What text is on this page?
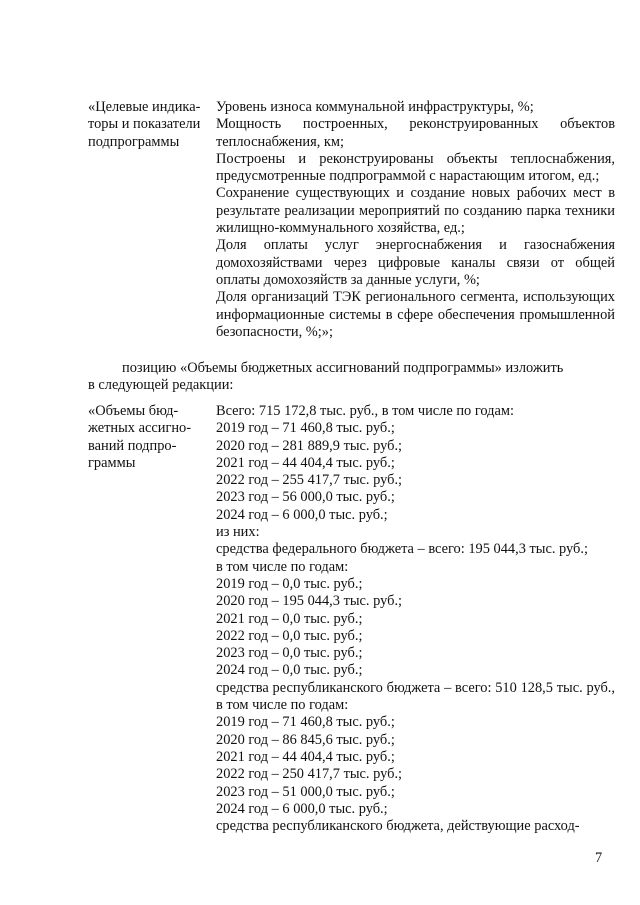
«Целевые индика-
торы и показатели
подпрограммы

Уровень износа коммунальной инфраструктуры, %;

Мощность построенных, реконструированных объектов теплоснабжения, км;

Построены и реконструированы объекты теплоснабжения, предусмотренные подпрограммой с нарастающим итогом, ед.;

Сохранение существующих и создание новых рабочих мест в результате реализации мероприятий по созданию парка техники жилищно-коммунального хозяйства, ед.;

Доля оплаты услуг энергоснабжения и газоснабжения домохозяйствами через цифровые каналы связи от общей оплаты домохозяйств за данные услуги, %;

Доля организаций ТЭК регионального сегмента, использующих информационные системы в сфере обеспечения промышленной безопасности, %;»;

позицию «Объемы бюджетных ассигнований подпрограммы» изложить
в следующей редакции:

«Объемы бюд-
жетных ассигно-
ваний подпро-
граммы

Всего: 715 172,8 тыс. руб., в том числе по годам:

2019 год – 71 460,8 тыс. руб.;

2020 год – 281 889,9 тыс. руб.;

2021 год – 44 404,4 тыс. руб.;

2022 год – 255 417,7 тыс. руб.;

2023 год – 56 000,0 тыс. руб.;

2024 год – 6 000,0 тыс. руб.;

из них:

средства федерального бюджета – всего: 195 044,3 тыс. руб.;

в том числе по годам:

2019 год – 0,0 тыс. руб.;

2020 год – 195 044,3 тыс. руб.;

2021 год – 0,0 тыс. руб.;

2022 год – 0,0 тыс. руб.;

2023 год – 0,0 тыс. руб.;

2024 год – 0,0 тыс. руб.;

средства республиканского бюджета – всего: 510 128,5 тыс. руб., в том числе по годам:

2019 год – 71 460,8 тыс. руб.;

2020 год – 86 845,6 тыс. руб.;

2021 год – 44 404,4 тыс. руб.;

2022 год – 250 417,7 тыс. руб.;

2023 год – 51 000,0 тыс. руб.;

2024 год – 6 000,0 тыс. руб.;

средства республиканского бюджета, действующие расход-

7
